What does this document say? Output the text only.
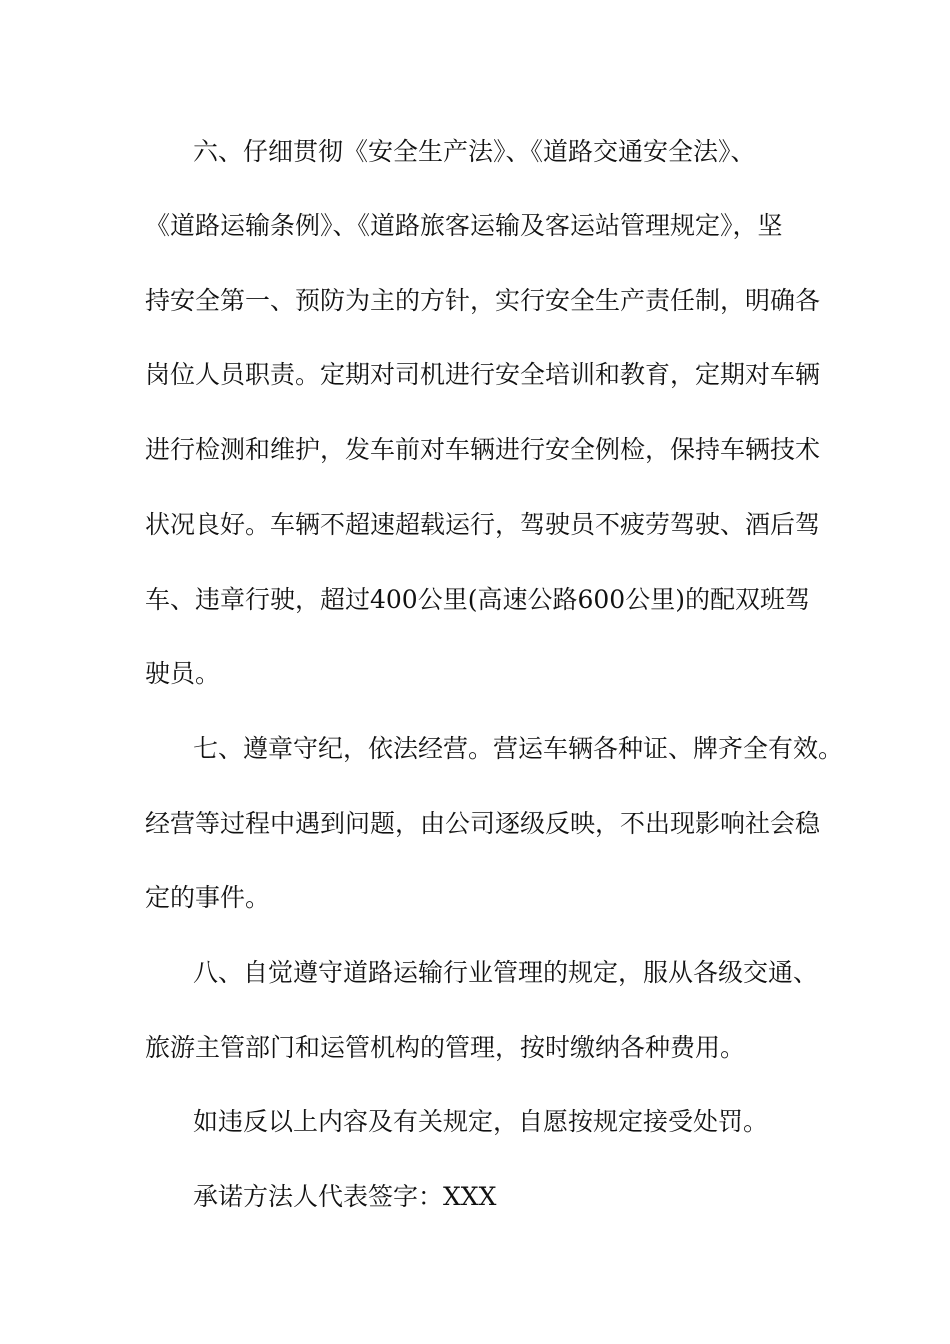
六、仔细贯彻《安全生产法》、《道路交通安全法》、
《道路运输条例》、《道路旅客运输及客运站管理规定》，坚
持安全第一、预防为主的方针，实行安全生产责任制，明确各
岗位人员职责。定期对司机进行安全培训和教育，定期对车辆
进行检测和维护，发车前对车辆进行安全例检，保持车辆技术
状况良好。车辆不超速超载运行，驾驶员不疲劳驾驶、酒后驾
车、违章行驶，超过400公里(高速公路600公里)的配双班驾
驶员。
七、遵章守纪，依法经营。营运车辆各种证、牌齐全有效。
经营等过程中遇到问题，由公司逐级反映，不出现影响社会稳
定的事件。
八、自觉遵守道路运输行业管理的规定，服从各级交通、
旅游主管部门和运管机构的管理，按时缴纳各种费用。
如违反以上内容及有关规定，自愿按规定接受处罚。
承诺方法人代表签字：XXX
